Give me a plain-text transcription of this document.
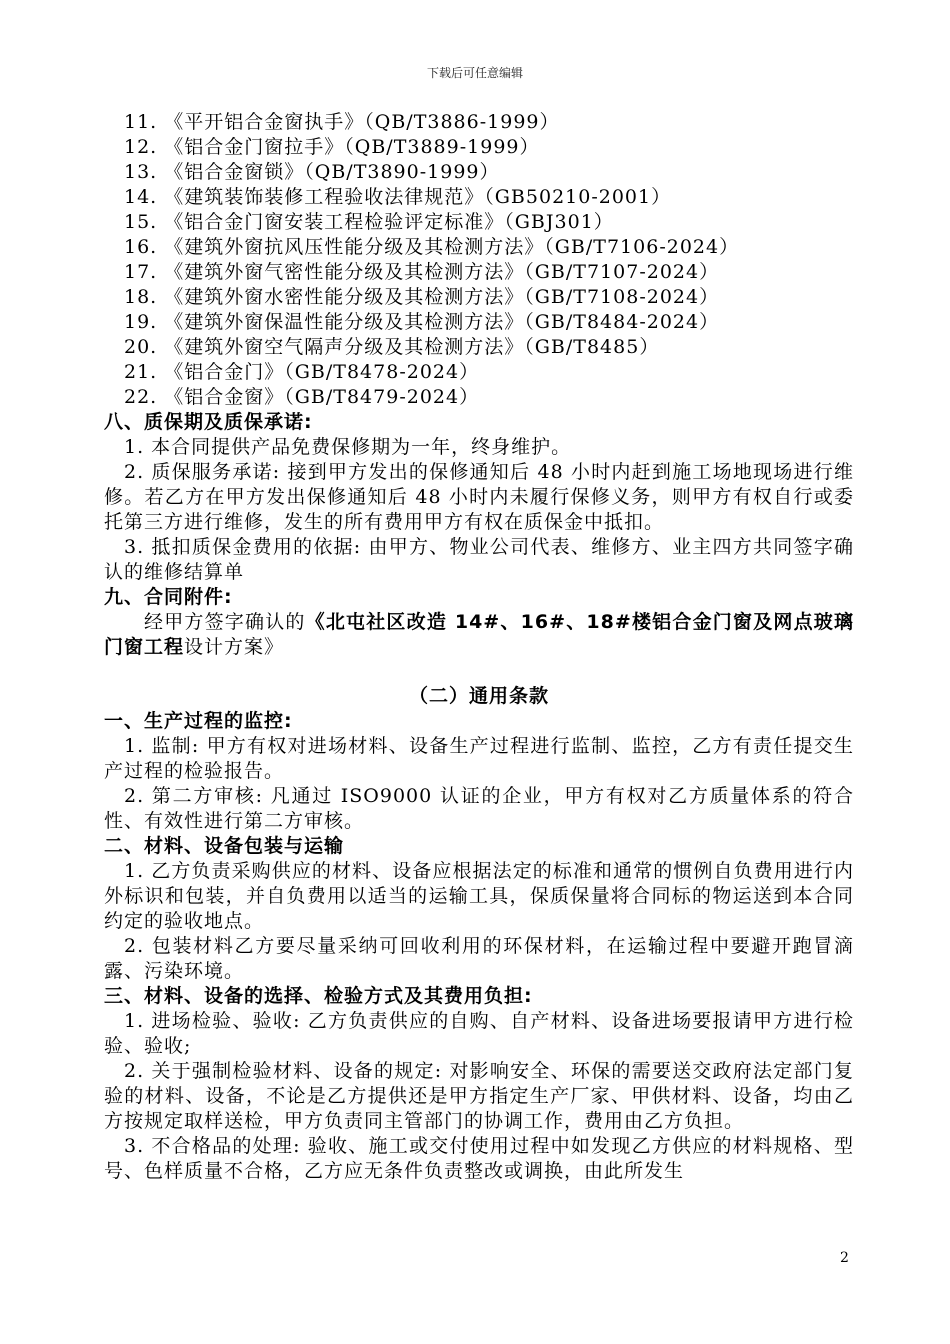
下载后可任意编辑
11. 《平开铝合金窗执手》（QB/T3886-1999）
12. 《铝合金门窗拉手》（QB/T3889-1999）
13. 《铝合金窗锁》（QB/T3890-1999）
14. 《建筑装饰装修工程验收法律规范》（GB50210-2001）
15. 《铝合金门窗安装工程检验评定标准》（GBJ301）
16. 《建筑外窗抗风压性能分级及其检测方法》（GB/T7106-2024）
17. 《建筑外窗气密性能分级及其检测方法》（GB/T7107-2024）
18. 《建筑外窗水密性能分级及其检测方法》（GB/T7108-2024）
19. 《建筑外窗保温性能分级及其检测方法》（GB/T8484-2024）
20. 《建筑外窗空气隔声分级及其检测方法》（GB/T8485）
21. 《铝合金门》（GB/T8478-2024）
22. 《铝合金窗》（GB/T8479-2024）
八、质保期及质保承诺:
1. 本合同提供产品免费保修期为一年，终身维护。
2. 质保服务承诺: 接到甲方发出的保修通知后 48 小时内赶到施工场地现场进行维修。若乙方在甲方发出保修通知后 48 小时内未履行保修义务，则甲方有权自行或委托第三方进行维修，发生的所有费用甲方有权在质保金中抵扣。
3. 抵扣质保金费用的依据: 由甲方、物业公司代表、维修方、业主四方共同签字确认的维修结算单
九、合同附件:
经甲方签字确认的《北屯社区改造 14#、16#、18#楼铝合金门窗及网点玻璃门窗工程设计方案》
（二）通用条款
一、生产过程的监控:
1. 监制: 甲方有权对进场材料、设备生产过程进行监制、监控，乙方有责任提交生产过程的检验报告。
2. 第二方审核: 凡通过 ISO9000 认证的企业，甲方有权对乙方质量体系的符合性、有效性进行第二方审核。
二、材料、设备包装与运输
1. 乙方负责采购供应的材料、设备应根据法定的标准和通常的惯例自负费用进行内外标识和包装，并自负费用以适当的运输工具，保质保量将合同标的物运送到本合同约定的验收地点。
2. 包装材料乙方要尽量采纳可回收利用的环保材料，在运输过程中要避开跑冒滴露、污染环境。
三、材料、设备的选择、检验方式及其费用负担:
1. 进场检验、验收: 乙方负责供应的自购、自产材料、设备进场要报请甲方进行检验、验收;
2. 关于强制检验材料、设备的规定: 对影响安全、环保的需要送交政府法定部门复验的材料、设备，不论是乙方提供还是甲方指定生产厂家、甲供材料、设备，均由乙方按规定取样送检，甲方负责同主管部门的协调工作，费用由乙方负担。
3. 不合格品的处理: 验收、施工或交付使用过程中如发现乙方供应的材料规格、型号、色样质量不合格，乙方应无条件负责整改或调换，由此所发生
2
